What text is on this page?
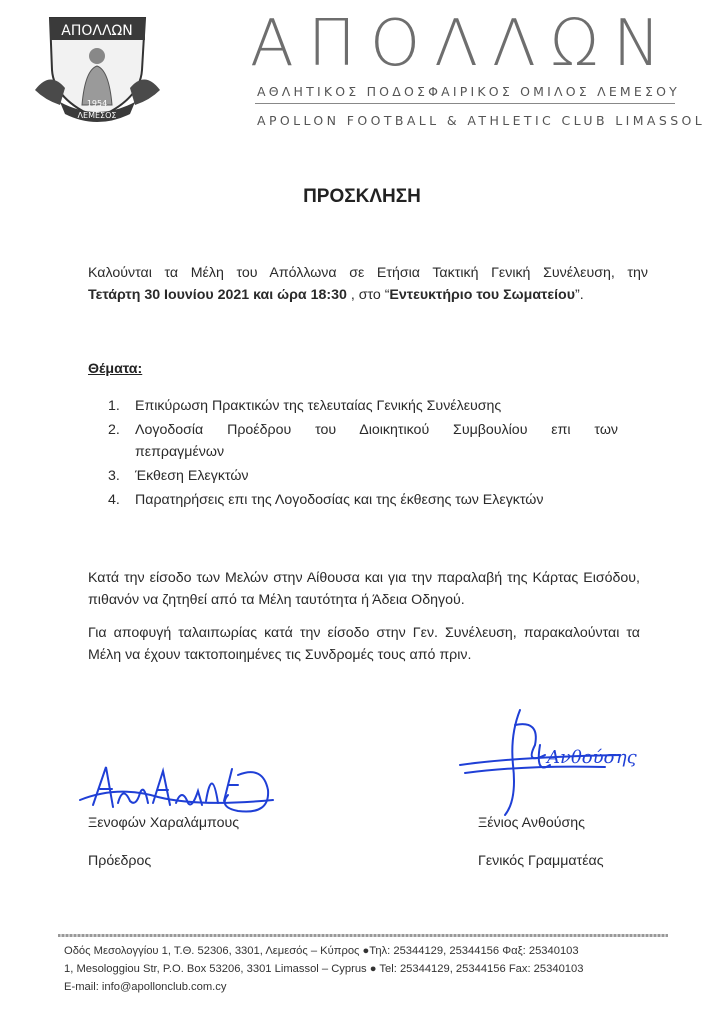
ΑΠΟΛΛΩΝ
1954
ΛΕΜΕΣΟΣ
ΑΠΟΛΛΩΝ
ΑΘΛΗΤΙΚΟΣ ΠΟΔΟΣΦΑΙΡΙΚΟΣ ΟΜΙΛΟΣ ΛΕΜΕΣΟΥ
APOLLON FOOTBALL & ATHLETIC CLUB LIMASSOL
ΠΡΟΣΚΛΗΣΗ
Καλούνται τα Μέλη του Απόλλωνα σε Ετήσια Τακτική Γενική Συνέλευση, την
Τετάρτη 30 Ιουνίου 2021 και ώρα 18:30 , στο “Εντευκτήριο του Σωματείου”.
Θέματα:
1. Επικύρωση Πρακτικών της τελευταίας Γενικής Συνέλευσης
2. Λογοδοσία Προέδρου του Διοικητικού Συμβουλίου επι των
πεπραγμένων
3. Έκθεση Ελεγκτών
4. Παρατηρήσεις επι της Λογοδοσίας και της έκθεσης των Ελεγκτών
Κατά την είσοδο των Μελών στην Αίθουσα και για την παραλαβή της Κάρτας Εισόδου, πιθανόν να ζητηθεί από τα Μέλη ταυτότητα ή Άδεια Οδηγού.
Για αποφυγή ταλαιπωρίας κατά την είσοδο στην Γεν. Συνέλευση, παρακαλούνται τα Μέλη να έχουν τακτοποιημένες τις Συνδρομές τους από πριν.
Ανθούσης
Ξενοφών Χαραλάμπους
Πρόεδρος
Ξένιος Ανθούσης
Γενικός Γραμματέας
Οδός Μεσολογγίου 1, Τ.Θ. 52306, 3301, Λεμεσός – Κύπρος ●Τηλ: 25344129, 25344156 Φαξ: 25340103
1, Mesologgiou Str, P.O. Box 53206, 3301 Limassol – Cyprus ● Tel: 25344129, 25344156 Fax: 25340103
E-mail: info@apollonclub.com.cy
